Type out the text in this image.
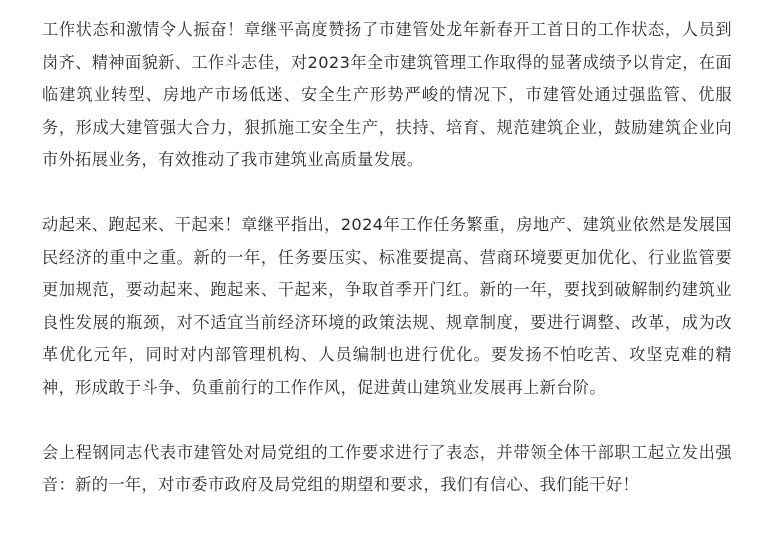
工作状态和激情令人振奋！章继平高度赞扬了市建管处龙年新春开工首日的工作状态，人员到岗齐、精神面貌新、工作斗志佳，对2023年全市建筑管理工作取得的显著成绩予以肯定，在面临建筑业转型、房地产市场低迷、安全生产形势严峻的情况下，市建管处通过强监管、优服务，形成大建管强大合力，狠抓施工安全生产，扶持、培育、规范建筑企业，鼓励建筑企业向市外拓展业务，有效推动了我市建筑业高质量发展。

动起来、跑起来、干起来！章继平指出，2024年工作任务繁重，房地产、建筑业依然是发展国民经济的重中之重。新的一年，任务要压实、标准要提高、营商环境要更加优化、行业监管要更加规范，要动起来、跑起来、干起来，争取首季开门红。新的一年，要找到破解制约建筑业良性发展的瓶颈，对不适宜当前经济环境的政策法规、规章制度，要进行调整、改革，成为改革优化元年，同时对内部管理机构、人员编制也进行优化。要发扬不怕吃苦、攻坚克难的精神，形成敢于斗争、负重前行的工作作风，促进黄山建筑业发展再上新台阶。

会上程钢同志代表市建管处对局党组的工作要求进行了表态，并带领全体干部职工起立发出强音：新的一年，对市委市政府及局党组的期望和要求，我们有信心、我们能干好！
